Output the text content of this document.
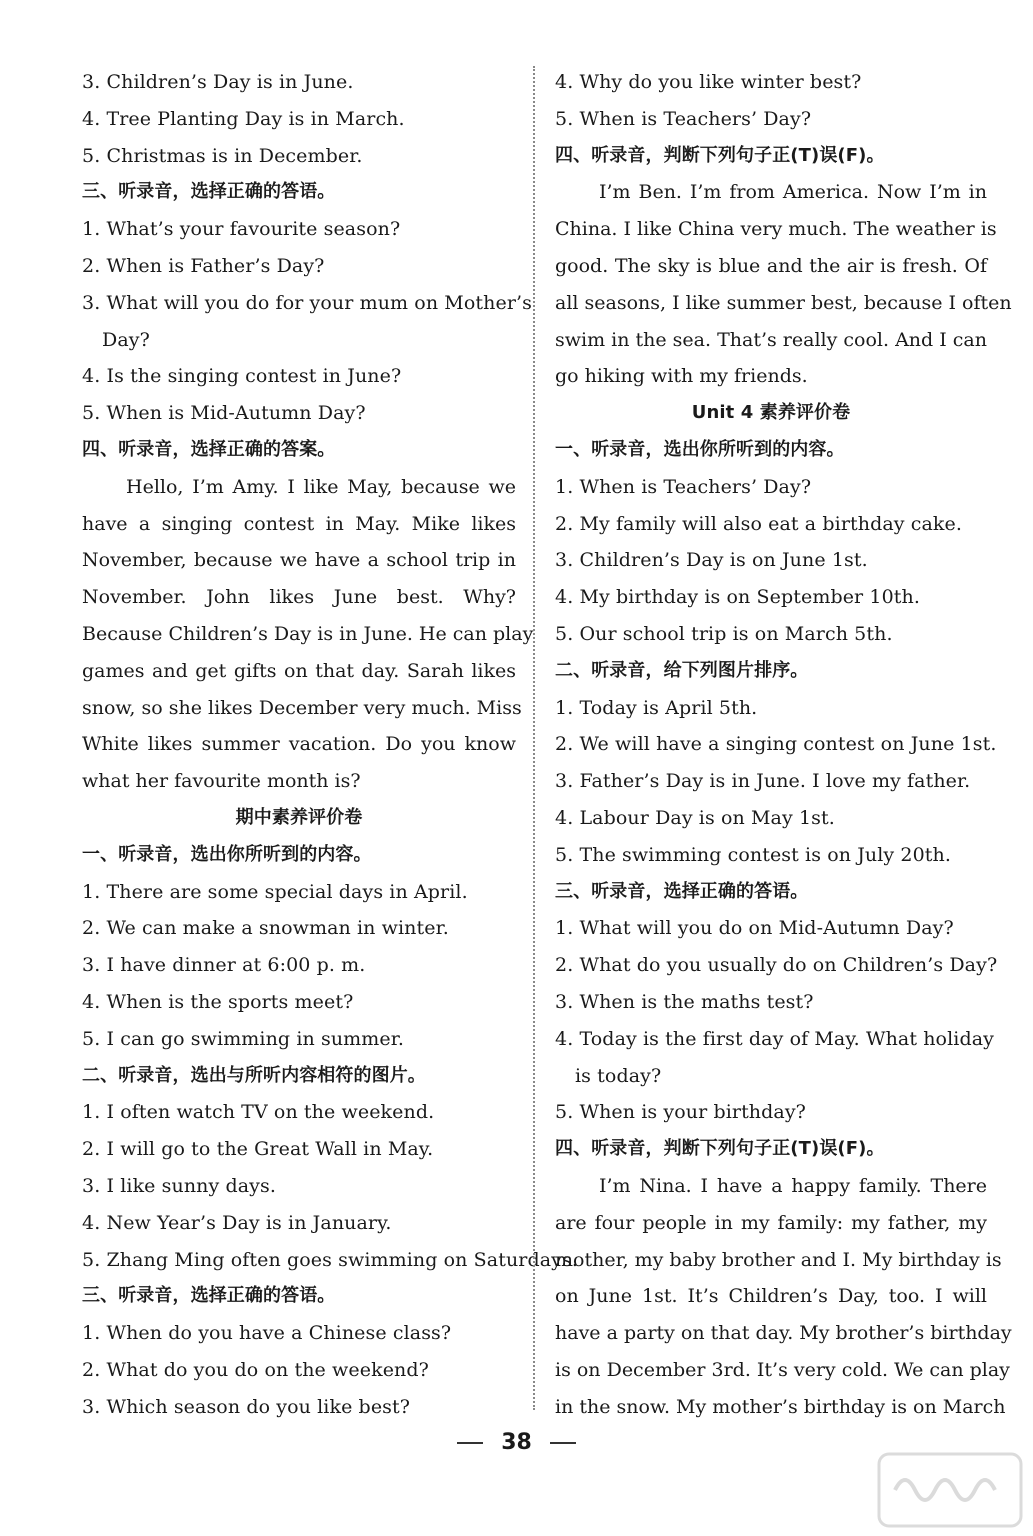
3. Children’s Day is in June.
4. Tree Planting Day is in March.
5. Christmas is in December.
三、听录音，选择正确的答语。
1. What’s your favourite season?
2. When is Father’s Day?
3. What will you do for your mum on Mother’s
Day?
4. Is the singing contest in June?
5. When is Mid-Autumn Day?
四、听录音，选择正确的答案。
Hello, I’m Amy. I like May, because we
have a singing contest in May. Mike likes
November, because we have a school trip in
November. John likes June best. Why?
Because Children’s Day is in June. He can play
games and get gifts on that day. Sarah likes
snow, so she likes December very much. Miss
White likes summer vacation. Do you know
what her favourite month is?
期中素养评价卷
一、听录音，选出你所听到的内容。
1. There are some special days in April.
2. We can make a snowman in winter.
3. I have dinner at 6:00 p. m.
4. When is the sports meet?
5. I can go swimming in summer.
二、听录音，选出与所听内容相符的图片。
1. I often watch TV on the weekend.
2. I will go to the Great Wall in May.
3. I like sunny days.
4. New Year’s Day is in January.
5. Zhang Ming often goes swimming on Saturdays.
三、听录音，选择正确的答语。
1. When do you have a Chinese class?
2. What do you do on the weekend?
3. Which season do you like best?
4. Why do you like winter best?
5. When is Teachers’ Day?
四、听录音，判断下列句子正(T)误(F)。
I’m Ben. I’m from America. Now I’m in
China. I like China very much. The weather is
good. The sky is blue and the air is fresh. Of
all seasons, I like summer best, because I often
swim in the sea. That’s really cool. And I can
go hiking with my friends.
Unit 4 素养评价卷
一、听录音，选出你所听到的内容。
1. When is Teachers’ Day?
2. My family will also eat a birthday cake.
3. Children’s Day is on June 1st.
4. My birthday is on September 10th.
5. Our school trip is on March 5th.
二、听录音，给下列图片排序。
1. Today is April 5th.
2. We will have a singing contest on June 1st.
3. Father’s Day is in June. I love my father.
4. Labour Day is on May 1st.
5. The swimming contest is on July 20th.
三、听录音，选择正确的答语。
1. What will you do on Mid-Autumn Day?
2. What do you usually do on Children’s Day?
3. When is the maths test?
4. Today is the first day of May. What holiday
is today?
5. When is your birthday?
四、听录音，判断下列句子正(T)误(F)。
I’m Nina. I have a happy family. There
are four people in my family: my father, my
mother, my baby brother and I. My birthday is
on June 1st. It’s Children’s Day, too. I will
have a party on that day. My brother’s birthday
is on December 3rd. It’s very cold. We can play
in the snow. My mother’s birthday is on March
38
